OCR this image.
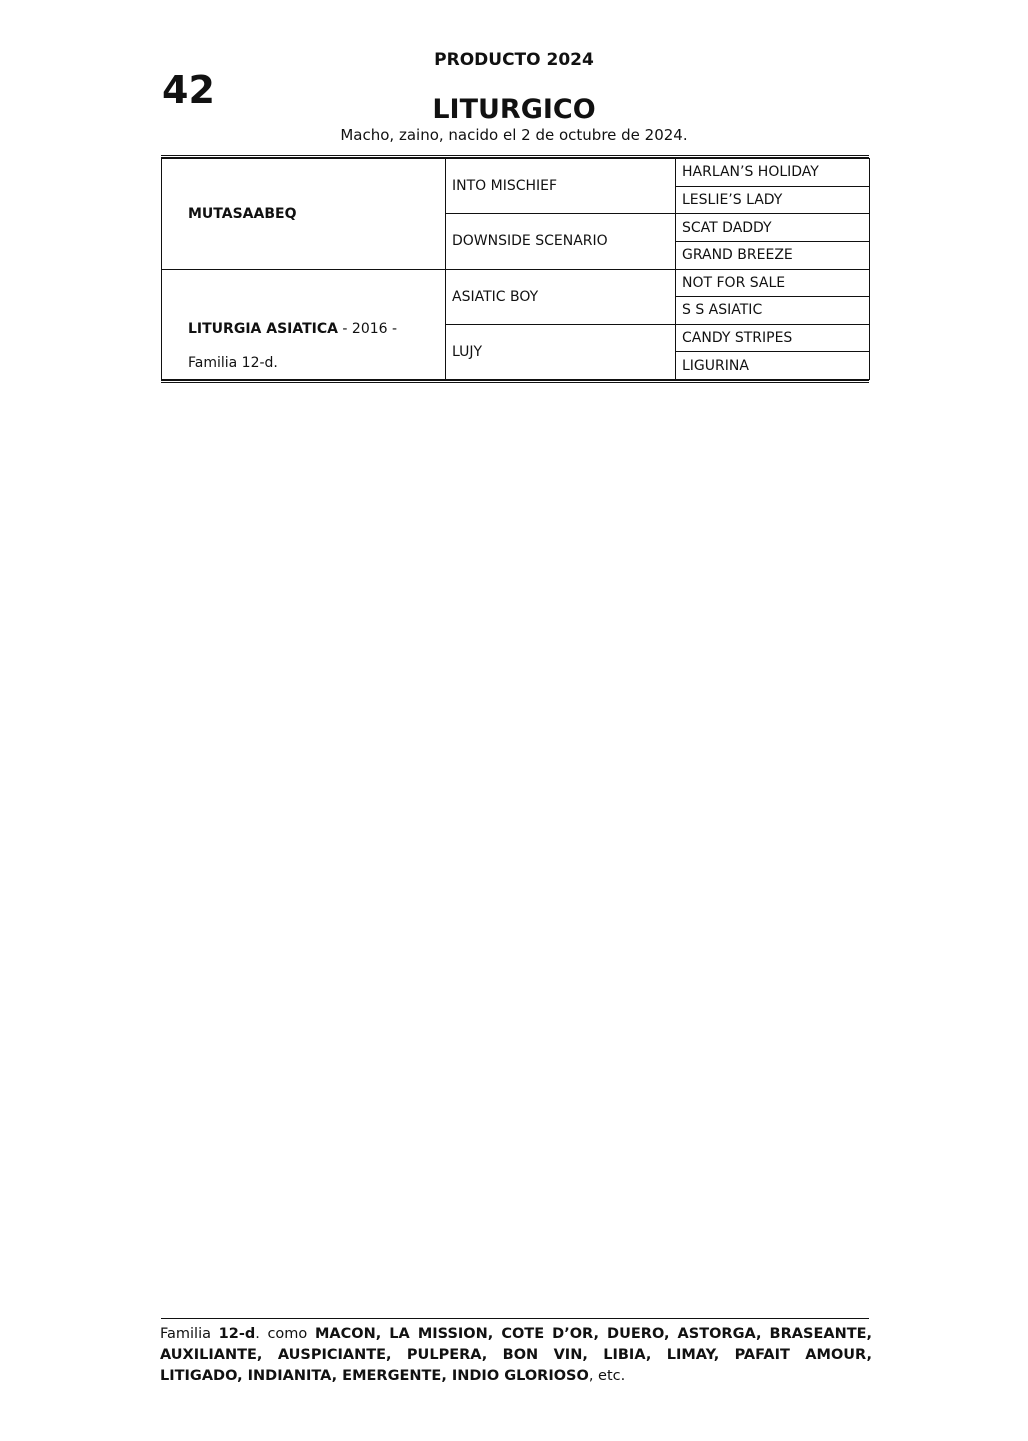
PRODUCTO 2024
42	LITURGICO
Macho, zaino, nacido el 2 de octubre de 2024.
MUTASAABEQ	INTO MISCHIEF	HARLAN’S HOLIDAY
		LESLIE’S LADY
	DOWNSIDE SCENARIO	SCAT DADDY
		GRAND BREEZE

LITURGIA ASIATICA - 2016 -
Familia 12-d.	ASIATIC BOY	NOT FOR SALE
		S S ASIATIC
	LUJY	CANDY STRIPES
		LIGURINA
Familia 12-d. como MACON, LA MISSION, COTE D’OR, DUERO, ASTORGA, BRASEANTE, AUXILIANTE, AUSPICIANTE, PULPERA, BON VIN, LIBIA, LIMAY, PAFAIT AMOUR, LITIGADO, INDIANITA, EMERGENTE, INDIO GLORIOSO, etc.
